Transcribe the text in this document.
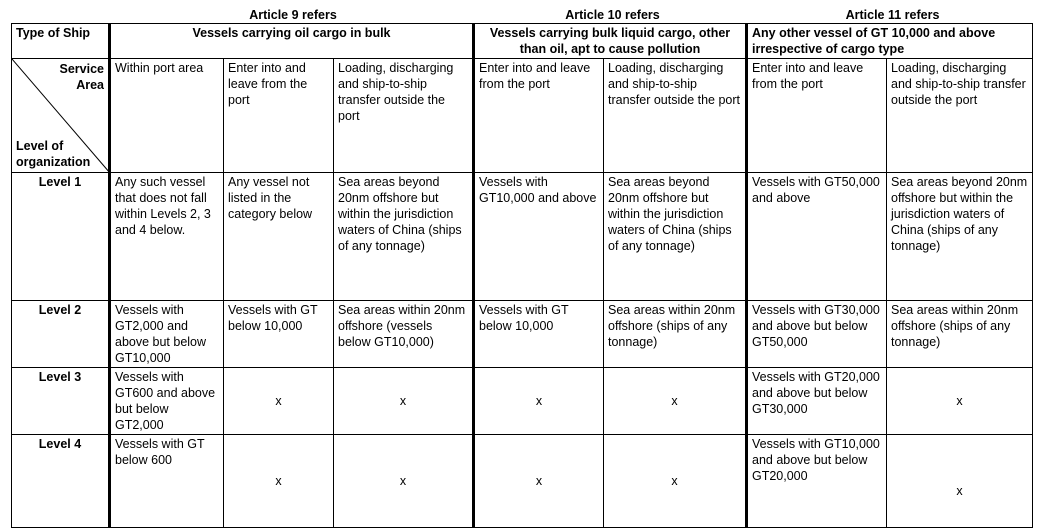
Article 9 refers	Article 10 refers	Article 11 refers
Type of Ship	Vessels carrying oil cargo in bulk			Vessels carrying bulk liquid cargo, other than oil, apt to cause pollution		Any other vessel of GT 10,000 and above irrespective of cargo type	

Service Area
Level of organization	Within port area	Enter into and leave from the port	Loading, discharging and ship-to-ship transfer outside the port	Enter into and leave from the port	Loading, discharging and ship-to-ship transfer outside the port	Enter into and leave from the port	Loading, discharging and ship-to-ship transfer outside the port
Level 1	Any such vessel that does not fall within Levels 2, 3 and 4 below.	Any vessel not listed in the category below	Sea areas beyond 20nm offshore but within the jurisdiction waters of China (ships of any tonnage)	Vessels with GT10,000 and above	Sea areas beyond 20nm offshore but within the jurisdiction waters of China (ships of any tonnage)	Vessels with GT50,000 and above	Sea areas beyond 20nm offshore but within the jurisdiction waters of China (ships of any tonnage)
Level 2	Vessels with GT2,000 and above but below GT10,000	Vessels with GT below 10,000	Sea areas within 20nm offshore (vessels below GT10,000)	Vessels with GT below 10,000	Sea areas within 20nm offshore (ships of any tonnage)	Vessels with GT30,000 and above but below GT50,000	Sea areas within 20nm offshore (ships of any tonnage)
Level 3	Vessels with GT600 and above but below GT2,000	x	x	x	x	Vessels with GT20,000 and above but below GT30,000	x
Level 4	Vessels with GT below 600	x	x	x	x	Vessels with GT10,000 and above but below GT20,000	x
